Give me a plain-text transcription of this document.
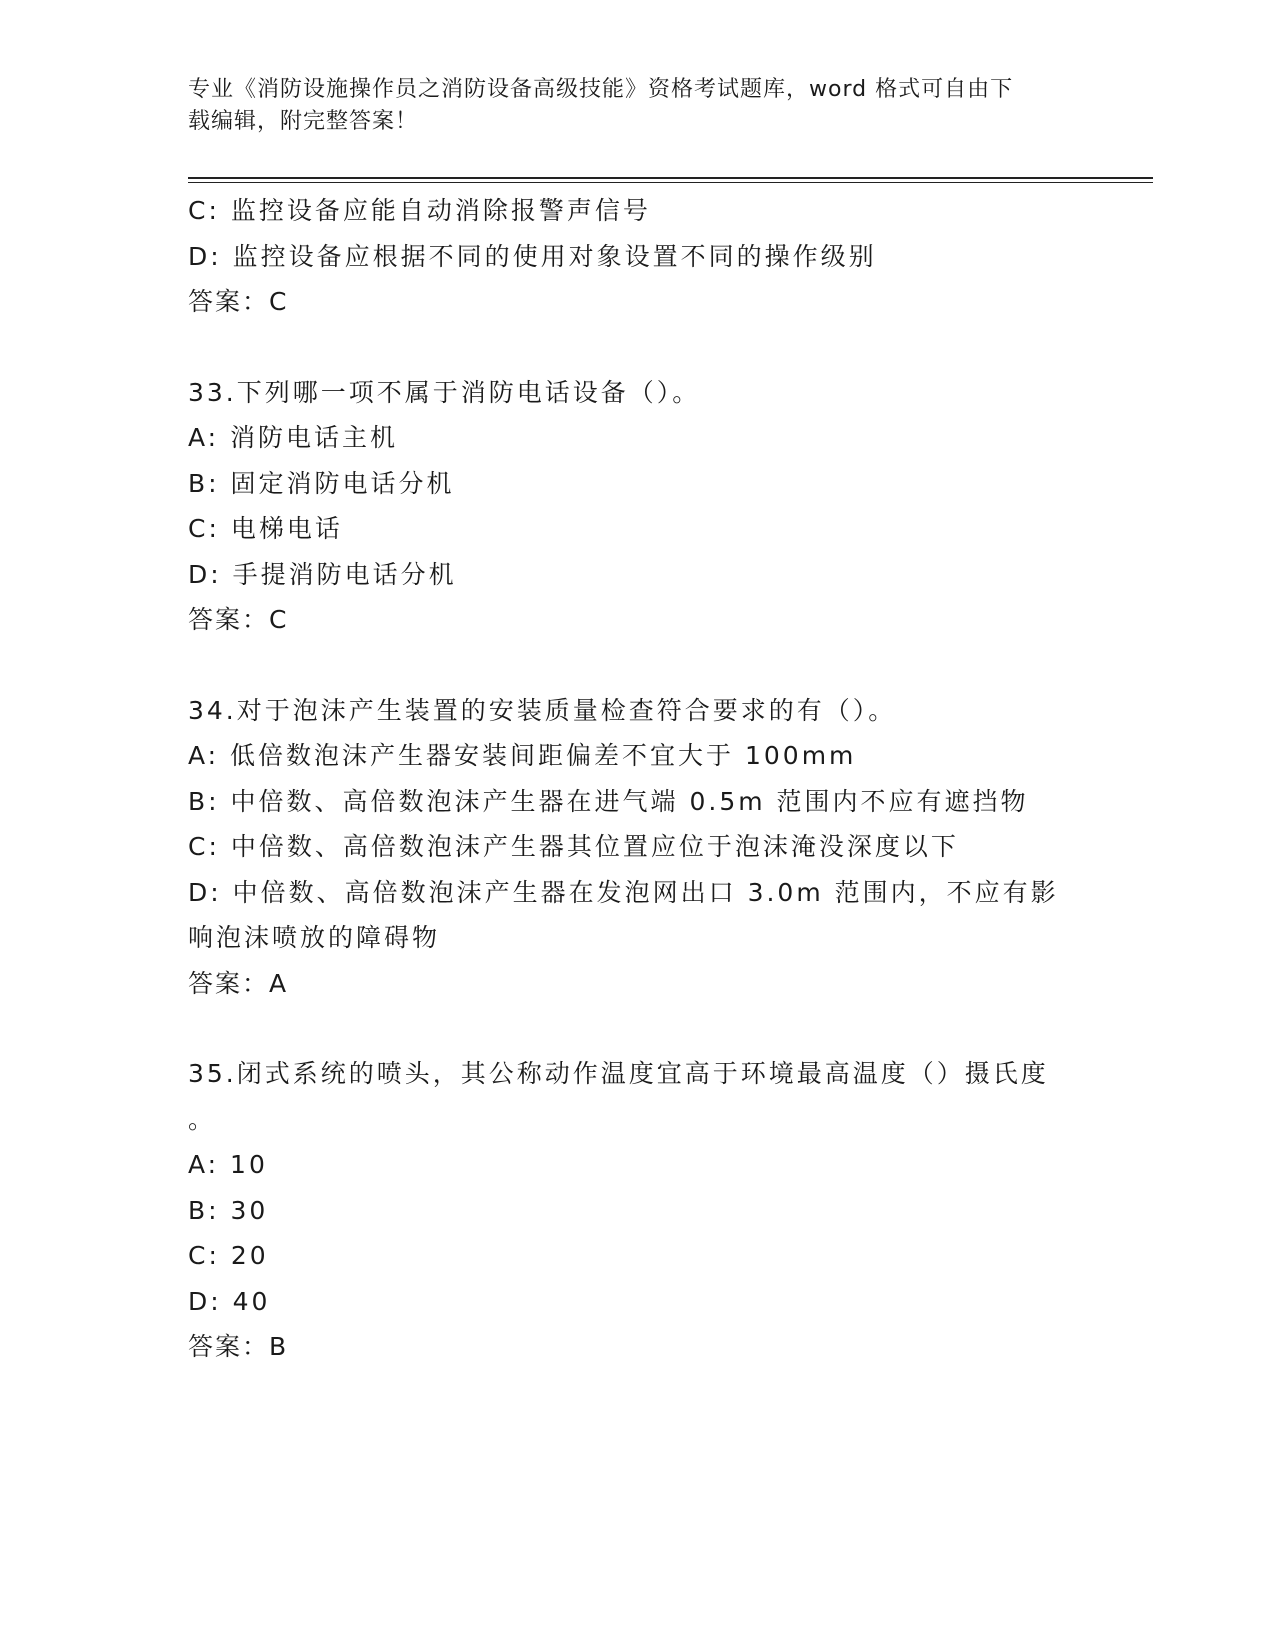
专业《消防设施操作员之消防设备高级技能》资格考试题库，word 格式可自由下
载编辑，附完整答案！
C: 监控设备应能自动消除报警声信号
D: 监控设备应根据不同的使用对象设置不同的操作级别
答案：C
33.下列哪一项不属于消防电话设备（）。
A: 消防电话主机
B: 固定消防电话分机
C: 电梯电话
D: 手提消防电话分机
答案：C
34.对于泡沫产生装置的安装质量检查符合要求的有（）。
A: 低倍数泡沫产生器安装间距偏差不宜大于 100mm
B: 中倍数、高倍数泡沫产生器在进气端 0.5m 范围内不应有遮挡物
C: 中倍数、高倍数泡沫产生器其位置应位于泡沫淹没深度以下
D: 中倍数、高倍数泡沫产生器在发泡网出口 3.0m 范围内，不应有影
响泡沫喷放的障碍物
答案：A
35.闭式系统的喷头，其公称动作温度宜高于环境最高温度（）摄氏度
。
A: 10
B: 30
C: 20
D: 40
答案：B
